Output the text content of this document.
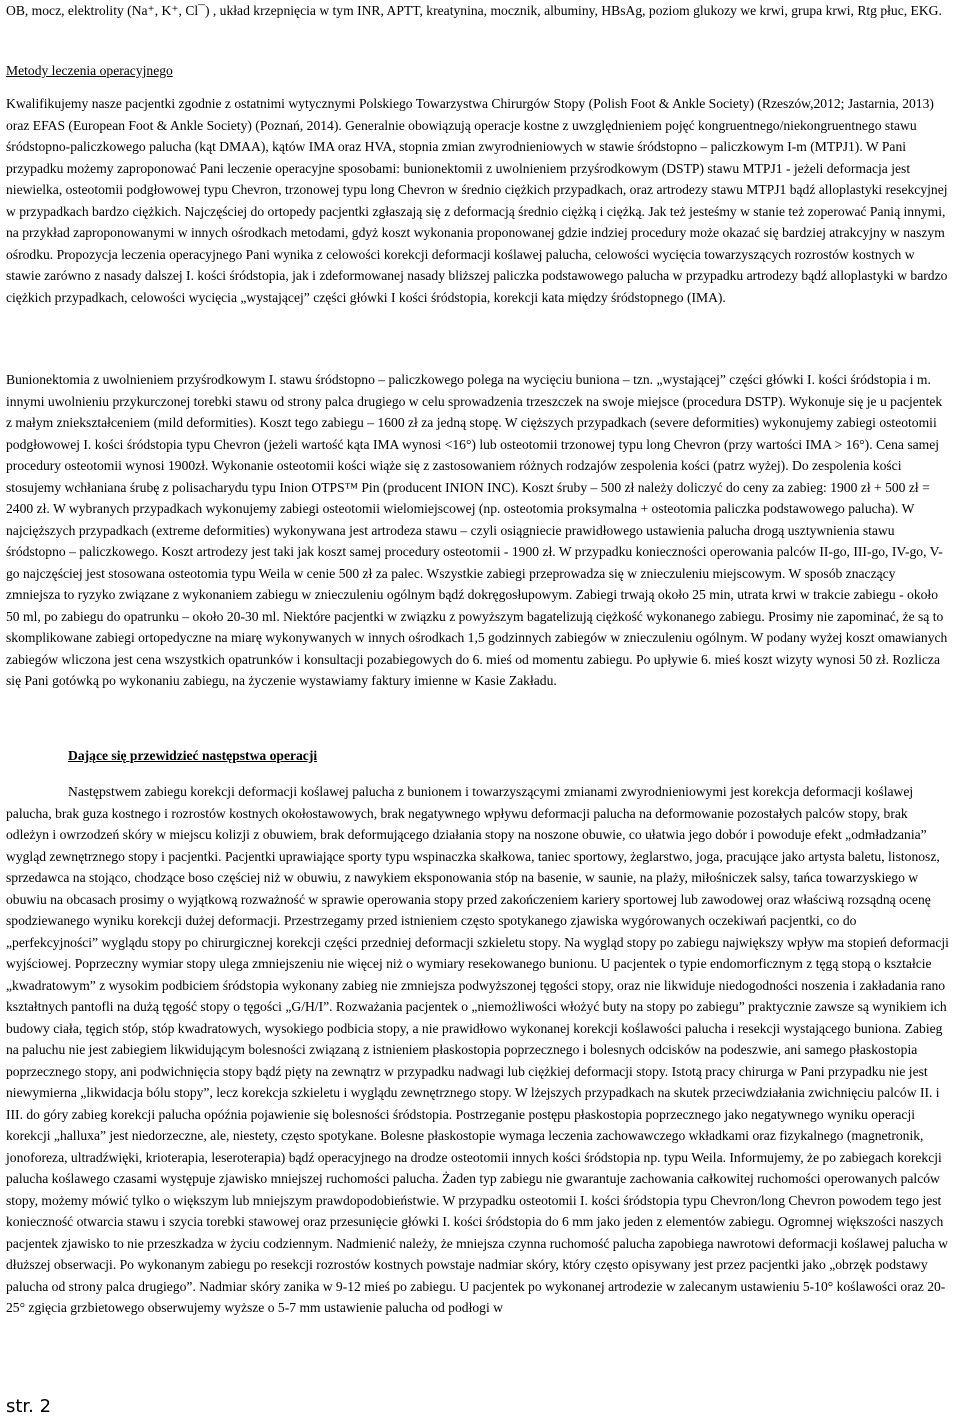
OB, mocz, elektrolity (Na⁺, K⁺, Cl¯) , układ krzepnięcia w tym INR, APTT, kreatynina, mocznik, albuminy, HBsAg, poziom glukozy we krwi, grupa krwi, Rtg płuc, EKG.

Metody leczenia operacyjnego

Kwalifikujemy nasze pacjentki zgodnie z ostatnimi wytycznymi Polskiego Towarzystwa Chirurgów Stopy (Polish Foot & Ankle Society) (Rzeszów,2012; Jastarnia, 2013) oraz EFAS (European Foot & Ankle Society) (Poznań, 2014). Generalnie obowiązują operacje kostne z uwzględnieniem pojęć kongruentnego/niekongruentnego stawu śródstopno-paliczkowego palucha (kąt DMAA), kątów IMA oraz HVA, stopnia zmian zwyrodnieniowych w stawie śródstopno – paliczkowym I-m (MTPJ1). W Pani przypadku możemy zaproponować Pani leczenie operacyjne sposobami: bunionektomii z uwolnieniem przyśrodkowym (DSTP) stawu MTPJ1 - jeżeli deformacja jest niewielka, osteotomii podgłowowej typu Chevron, trzonowej typu long Chevron w średnio ciężkich przypadkach, oraz artrodezy stawu MTPJ1 bądź alloplastyki resekcyjnej w przypadkach bardzo ciężkich. Najczęściej do ortopedy pacjentki zgłaszają się z deformacją średnio ciężką i ciężką. Jak też jesteśmy w stanie też zoperować Panią innymi, na przykład zaproponowanymi w innych ośrodkach metodami, gdyż koszt wykonania proponowanej gdzie indziej procedury może okazać się bardziej atrakcyjny w naszym ośrodku. Propozycja leczenia operacyjnego Pani wynika z celowości korekcji deformacji koślawej palucha, celowości wycięcia towarzyszących rozrostów kostnych w stawie zarówno z nasady dalszej I. kości śródstopia, jak i zdeformowanej nasady bliższej paliczka podstawowego palucha w przypadku artrodezy bądź alloplastyki w bardzo ciężkich przypadkach, celowości wycięcia „wystającej” części główki I kości śródstopia, korekcji kata między śródstopnego (IMA).

Bunionektomia z uwolnieniem przyśrodkowym I. stawu śródstopno – paliczkowego polega na wycięciu buniona – tzn. „wystającej” części główki I. kości śródstopia i m. innymi uwolnieniu przykurczonej torebki stawu od strony palca drugiego w celu sprowadzenia trzeszczek na swoje miejsce (procedura DSTP). Wykonuje się je u pacjentek z małym zniekształceniem (mild deformities). Koszt tego zabiegu – 1600 zł za jedną stopę. W cięższych przypadkach (severe deformities) wykonujemy zabiegi osteotomii podgłowowej I. kości śródstopia typu Chevron (jeżeli wartość kąta IMA wynosi <16°) lub osteotomii trzonowej typu long Chevron (przy wartości IMA > 16°). Cena samej procedury osteotomii wynosi 1900zł. Wykonanie osteotomii kości wiąże się z zastosowaniem różnych rodzajów zespolenia kości (patrz wyżej). Do zespolenia kości stosujemy wchłaniana śrubę z polisacharydu typu Inion OTPS™ Pin (producent INION INC). Koszt śruby – 500 zł należy doliczyć do ceny za zabieg: 1900 zł + 500 zł = 2400 zł. W wybranych przypadkach wykonujemy zabiegi osteotomii wielomiejscowej (np. osteotomia proksymalna + osteotomia paliczka podstawowego palucha). W najcięższych przypadkach (extreme deformities) wykonywana jest artrodeza stawu – czyli osiągniecie prawidłowego ustawienia palucha drogą usztywnienia stawu śródstopno – paliczkowego. Koszt artrodezy jest taki jak koszt samej procedury osteotomii - 1900 zł. W przypadku konieczności operowania palców II-go, III-go, IV-go, V-go najczęściej jest stosowana osteotomia typu Weila w cenie 500 zł za palec. Wszystkie zabiegi przeprowadza się w znieczuleniu miejscowym. W sposób znaczący zmniejsza to ryzyko związane z wykonaniem zabiegu w znieczuleniu ogólnym bądź dokręgosłupowym. Zabiegi trwają około 25 min, utrata krwi w trakcie zabiegu - około 50 ml, po zabiegu do opatrunku – około 20-30 ml. Niektóre pacjentki w związku z powyższym bagatelizują ciężkość wykonanego zabiegu. Prosimy nie zapominać, że są to skomplikowane zabiegi ortopedyczne na miarę wykonywanych w innych ośrodkach 1,5 godzinnych zabiegów w znieczuleniu ogólnym. W podany wyżej koszt omawianych zabiegów wliczona jest cena wszystkich opatrunków i konsultacji pozabiegowych do 6. mieś od momentu zabiegu. Po upływie 6. mieś koszt wizyty wynosi 50 zł. Rozlicza się Pani gotówką po wykonaniu zabiegu, na życzenie wystawiamy faktury imienne w Kasie Zakładu.

Dające się przewidzieć następstwa operacji

Następstwem zabiegu korekcji deformacji koślawej palucha z bunionem i towarzyszącymi zmianami zwyrodnieniowymi jest korekcja deformacji koślawej palucha, brak guza kostnego i rozrostów kostnych okołostawowych, brak negatywnego wpływu deformacji palucha na deformowanie pozostałych palców stopy, brak odleżyn i owrzodzeń skóry w miejscu kolizji z obuwiem, brak deformującego działania stopy na noszone obuwie, co ułatwia jego dobór i powoduje efekt „odmładzania” wygląd zewnętrznego stopy i pacjentki. Pacjentki uprawiające sporty typu wspinaczka skałkowa, taniec sportowy, żeglarstwo, joga, pracujące jako artysta baletu, listonosz, sprzedawca na stojąco, chodzące boso częściej niż w obuwiu, z nawykiem eksponowania stóp na basenie, w saunie, na plaży, miłośniczek salsy, tańca towarzyskiego w obuwiu na obcasach prosimy o wyjątkową rozważność w sprawie operowania stopy przed zakończeniem kariery sportowej lub zawodowej oraz właściwą rozsądną ocenę spodziewanego wyniku korekcji dużej deformacji. Przestrzegamy przed istnieniem często spotykanego zjawiska wygórowanych oczekiwań pacjentki, co do „perfekcyjności” wyglądu stopy po chirurgicznej korekcji części przedniej deformacji szkieletu stopy. Na wygląd stopy po zabiegu największy wpływ ma stopień deformacji wyjściowej. Poprzeczny wymiar stopy ulega zmniejszeniu nie więcej niż o wymiary resekowanego bunionu. U pacjentek o typie endomorficznym z tęgą stopą o kształcie „kwadratowym” z wysokim podbiciem śródstopia wykonany zabieg nie zmniejsza podwyższonej tęgości stopy, oraz nie likwiduje niedogodności noszenia i zakładania rano kształtnych pantofli na dużą tęgość stopy o tęgości „G/H/I”. Rozważania pacjentek o „niemożliwości włożyć buty na stopy po zabiegu” praktycznie zawsze są wynikiem ich budowy ciała, tęgich stóp, stóp kwadratowych, wysokiego podbicia stopy, a nie prawidłowo wykonanej korekcji koślawości palucha i resekcji wystającego buniona. Zabieg na paluchu nie jest zabiegiem likwidującym bolesności związaną z istnieniem płaskostopia poprzecznego i bolesnych odcisków na podeszwie, ani samego płaskostopia poprzecznego stopy, ani podwichnięcia stopy bądź pięty na zewnątrz w przypadku nadwagi lub ciężkiej deformacji stopy. Istotą pracy chirurga w Pani przypadku nie jest niewymierna „likwidacja bólu stopy”, lecz korekcja szkieletu i wyglądu zewnętrznego stopy. W lżejszych przypadkach na skutek przeciwdziałania zwichnięciu palców II. i III. do góry zabieg korekcji palucha opóźnia pojawienie się bolesności śródstopia. Postrzeganie postępu płaskostopia poprzecznego jako negatywnego wyniku operacji korekcji „halluxa” jest niedorzeczne, ale, niestety, często spotykane. Bolesne płaskostopie wymaga leczenia zachowawczego wkładkami oraz fizykalnego (magnetronik, jonoforeza, ultradźwięki, krioterapia, leseroterapia) bądź operacyjnego na drodze osteotomii innych kości śródstopia np. typu Weila. Informujemy, że po zabiegach korekcji palucha koślawego czasami występuje zjawisko mniejszej ruchomości palucha. Żaden typ zabiegu nie gwarantuje zachowania całkowitej ruchomości operowanych palców stopy, możemy mówić tylko o większym lub mniejszym prawdopodobieństwie. W przypadku osteotomii I. kości śródstopia typu Chevron/long Chevron powodem tego jest konieczność otwarcia stawu i szycia torebki stawowej oraz przesunięcie główki I. kości śródstopia do 6 mm jako jeden z elementów zabiegu. Ogromnej większości naszych pacjentek zjawisko to nie przeszkadza w życiu codziennym. Nadmienić należy, że mniejsza czynna ruchomość palucha zapobiega nawrotowi deformacji koślawej palucha w dłuższej obserwacji. Po wykonanym zabiegu po resekcji rozrostów kostnych powstaje nadmiar skóry, który często opisywany jest przez pacjentki jako „obrzęk podstawy palucha od strony palca drugiego”. Nadmiar skóry zanika w 9-12 mieś po zabiegu. U pacjentek po wykonanej artrodezie w zalecanym ustawieniu 5-10° koślawości oraz 20-25° zgięcia grzbietowego obserwujemy wyższe o 5-7 mm ustawienie palucha od podłogi w

str. 2
